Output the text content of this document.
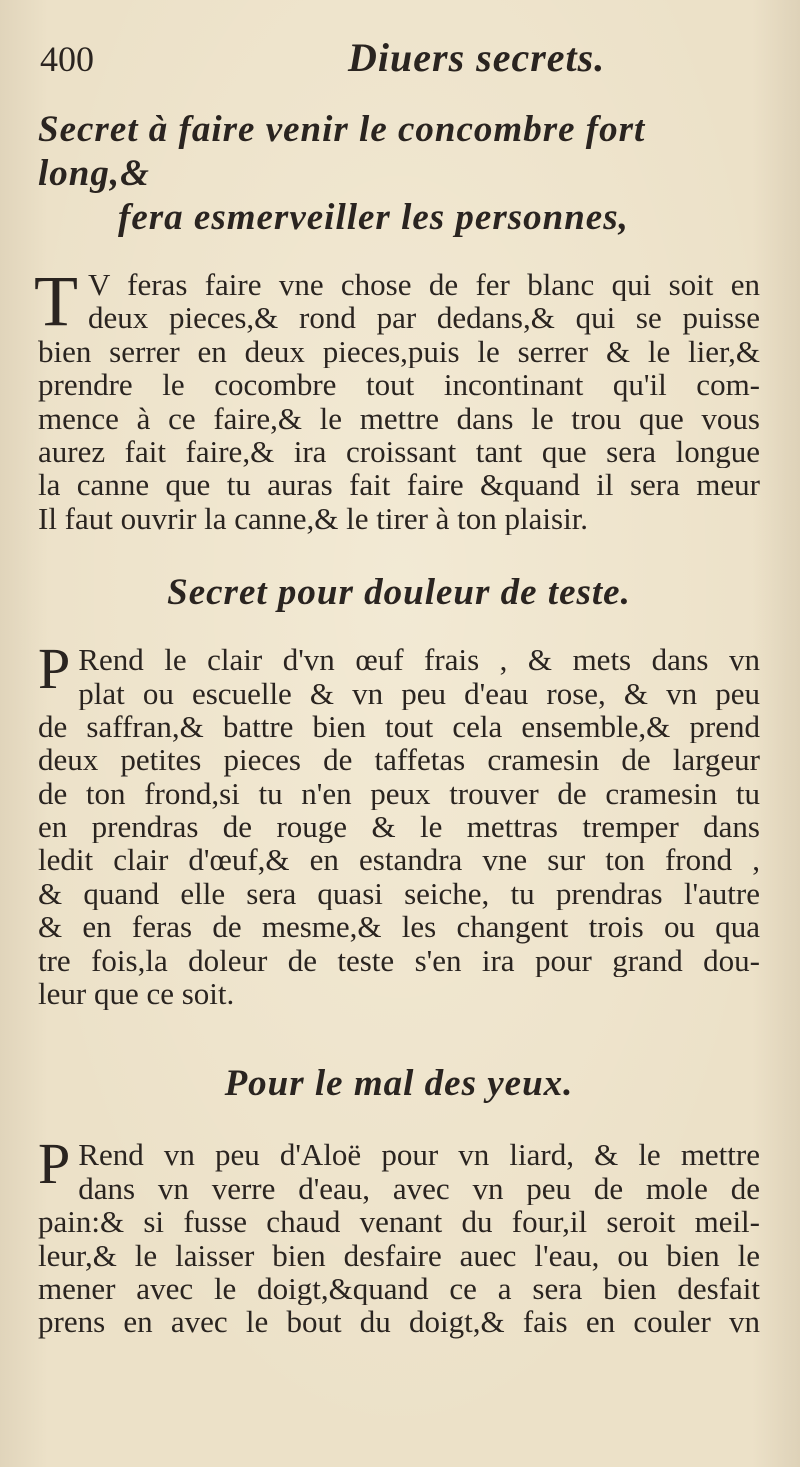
400	Diuers secrets.
Secret à faire venir le concombre fort long,&
fera esmerveiller les personnes,
T V feras faire vne chose de fer blanc qui soit en
deux pieces,& rond par dedans,& qui se puisse
bien serrer en deux pieces,puis le serrer & le lier,&
prendre le cocombre tout incontinant qu'il com-
mence à ce faire,& le mettre dans le trou que vous
aurez fait faire,& ira croissant tant que sera longue
la canne que tu auras fait faire &quand il sera meur
Il faut ouvrir la canne,& le tirer à ton plaisir.
Secret pour douleur de teste.
P Rend le clair d'vn œuf frais , & mets dans vn
plat ou escuelle & vn peu d'eau rose, & vn peu
de saffran,& battre bien tout cela ensemble,& prend
deux petites pieces de taffetas cramesin de largeur
de ton frond,si tu n'en peux trouver de cramesin tu
en prendras de rouge & le mettras tremper dans
ledit clair d'œuf,& en estandra vne sur ton frond ,
& quand elle sera quasi seiche, tu prendras l'autre
& en feras de mesme,& les changent trois ou qua
tre fois,la doleur de teste s'en ira pour grand dou-
leur que ce soit.
Pour le mal des yeux.
P Rend vn peu d'Aloë pour vn liard, & le mettre
dans vn verre d'eau, avec vn peu de mole de
pain:& si fusse chaud venant du four,il seroit meil-
leur,& le laisser bien desfaire auec l'eau, ou bien le
mener avec le doigt,&quand ce a sera bien desfait
prens en avec le bout du doigt,& fais en couler vn
